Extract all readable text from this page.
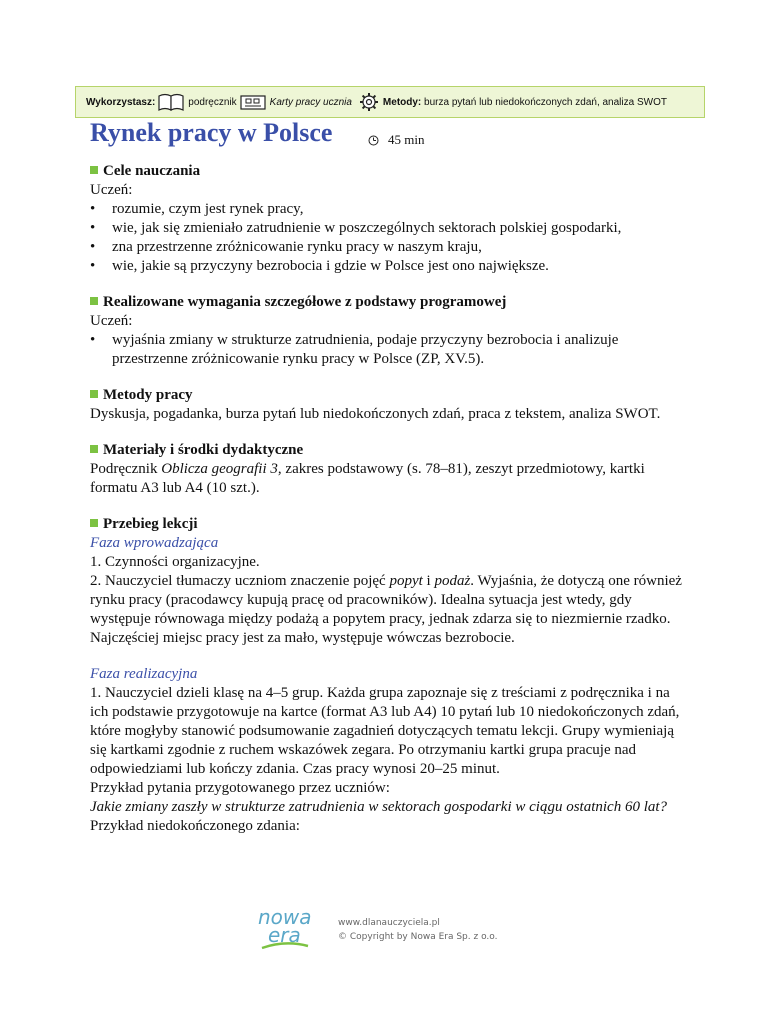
Wykorzystasz:	podręcznik	Karty pracy ucznia	Metody:
burza pytań lub niedokończonych zdań, analiza SWOT
Rynek pracy w Polsce	45 min

Cele nauczania

Uczeń:

• rozumie, czym jest rynek pracy,
• wie, jak się zmieniało zatrudnienie w poszczególnych sektorach polskiej gospodarki,
• zna przestrzenne zróżnicowanie rynku pracy w naszym kraju,
• wie, jakie są przyczyny bezrobocia i gdzie w Polsce jest ono największe.

Realizowane wymagania szczegółowe z podstawy programowej

Uczeń:

• wyjaśnia zmiany w strukturze zatrudnienia, podaje przyczyny bezrobocia i analizuje przestrzenne zróżnicowanie rynku pracy w Polsce (ZP, XV.5).

Metody pracy

Dyskusja, pogadanka, burza pytań lub niedokończonych zdań, praca z tekstem, analiza SWOT.

Materiały i środki dydaktyczne

Podręcznik Oblicza geografii 3, zakres podstawowy (s. 78–81), zeszyt przedmiotowy, kartki formatu A3 lub A4 (10 szt.).

Przebieg lekcji

Faza wprowadzająca

1. Czynności organizacyjne.

2. Nauczyciel tłumaczy uczniom znaczenie pojęć popyt i podaż. Wyjaśnia, że dotyczą one również rynku pracy (pracodawcy kupują pracę od pracowników). Idealna sytuacja jest wtedy, gdy występuje równowaga między podażą a popytem pracy, jednak zdarza się to niezmiernie rzadko. Najczęściej miejsc pracy jest za mało, występuje wówczas bezrobocie.

Faza realizacyjna

1. Nauczyciel dzieli klasę na 4–5 grup. Każda grupa zapoznaje się z treściami z podręcznika i na ich podstawie przygotowuje na kartce (format A3 lub A4) 10 pytań lub 10 niedokończonych zdań, które mogłyby stanowić podsumowanie zagadnień dotyczących tematu lekcji. Grupy wymieniają się kartkami zgodnie z ruchem wskazówek zegara. Po otrzymaniu kartki grupa pracuje nad odpowiedziami lub kończy zdania. Czas pracy wynosi 20–25 minut.

Przykład pytania przygotowanego przez uczniów:

Jakie zmiany zaszły w strukturze zatrudnienia w sektorach gospodarki w ciągu ostatnich 60 lat?

Przykład niedokończonego zdania:

nowa
era	www.dlanauczyciela.pl
© Copyright by Nowa Era Sp. z o.o.
